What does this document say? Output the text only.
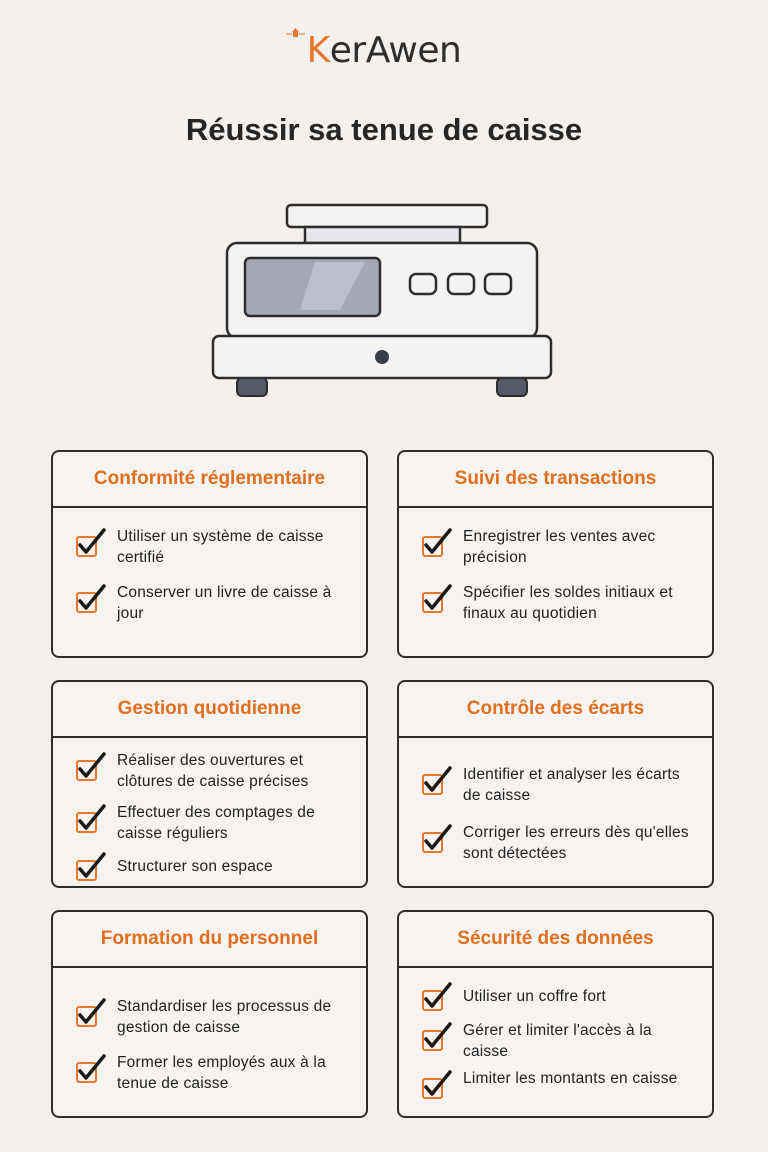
K erAwen
Réussir sa tenue de caisse
Conformité réglementaire
Utiliser un système de caisse certifié
Conserver un livre de caisse à jour
Suivi des transactions
Enregistrer les ventes avec précision
Spécifier les soldes initiaux et finaux au quotidien
Gestion quotidienne
Réaliser des ouvertures et clôtures de caisse précises
Effectuer des comptages de caisse réguliers
Structurer son espace
Contrôle des écarts
Identifier et analyser les écarts de caisse
Corriger les erreurs dès qu'elles sont détectées
Formation du personnel
Standardiser les processus de gestion de caisse
Former les employés aux à la tenue de caisse
Sécurité des données
Utiliser un coffre fort
Gérer et limiter l'accès à la caisse
Limiter les montants en caisse
